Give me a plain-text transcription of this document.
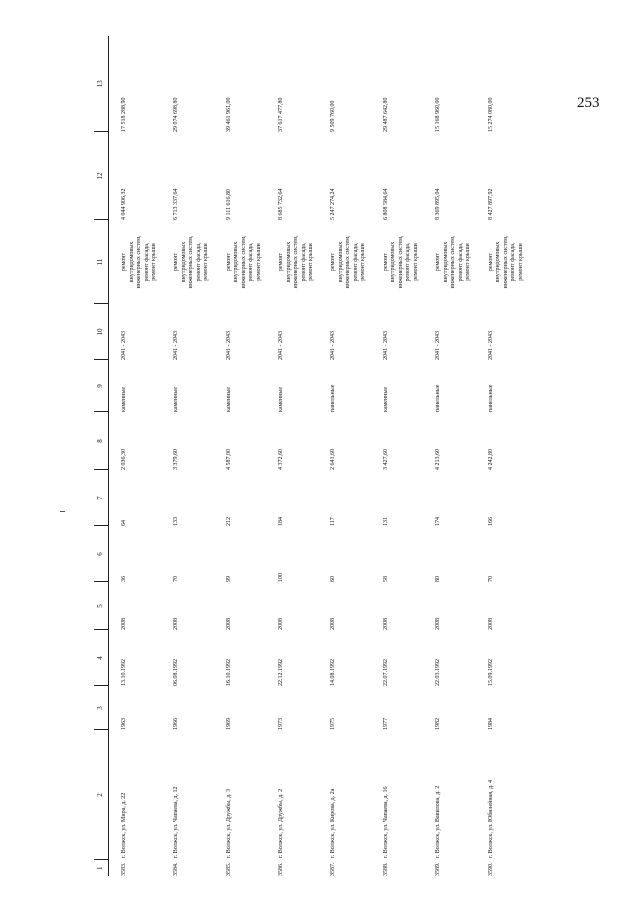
253
1	2	3	4	5	6	7	8	9	10	11	12	13
3583.	г. Волжск, ул. Мира, д. 22	1963	13.10.1992	2008	36	64	2 036,30	каменные	2041 - 2043	ремонт внутридомовых инженерных систем, ремонт фасада, ремонт крыши	4 044 906,32	17 518 288,90
3584.	г. Волжск, ул. Чапаева, д. 12	1966	06.08.1992	2008	70	133	3 379,60	каменные	2041 - 2043	ремонт внутридомовых инженерных систем, ремонт фасада, ремонт крыши	6 713 337,64	29 074 698,80
3585.	г. Волжск, ул. Дружбы, д. 3	1969	16.10.1992	2008	99	212	4 587,00	каменные	2041 - 2043	ремонт внутридомовых инженерных систем, ремонт фасада, ремонт крыши	9 111 616,80	39 461 961,00
3586.	г. Волжск, ул. Дружбы, д. 2	1973	22.12.1992	2008	100	184	4 372,60	каменные	2041 - 2043	ремонт внутридомовых инженерных систем, ремонт фасада, ремонт крыши	8 685 732,64	37 617 477,80
3587.	г. Волжск, ул. Кирова, д. 2а	1975	14.08.1992	2008	60	117	2 641,60	панельные	2041 - 2043	ремонт внутридомовых инженерных систем, ремонт фасада, ремонт крыши	5 247 274,24	9 509 760,00
3588.	г. Волжск, ул. Чапаева, д. 16	1977	22.07.1992	2008	58	131	3 427,60	каменные	2041 - 2043	ремонт внутридомовых инженерных систем, ремонт фасада, ремонт крыши	6 808 584,64	29 487 642,80
3589.	г. Волжск, ул. Вавилова, д. 2	1982	22.03.1992	2008	80	174	4 213,60	панельные	2041 - 2043	ремонт внутридомовых инженерных систем, ремонт фасада, ремонт крыши	8 369 895,04	15 168 960,00
3590.	г. Волжск, ул. Юбилейная, д. 4	1984	15.09.1992	2008	70	166	4 242,80	панельные	2041 - 2043	ремонт внутридомовых инженерных систем, ремонт фасада, ремонт крыши	8 427 897,92	15 274 080,00
